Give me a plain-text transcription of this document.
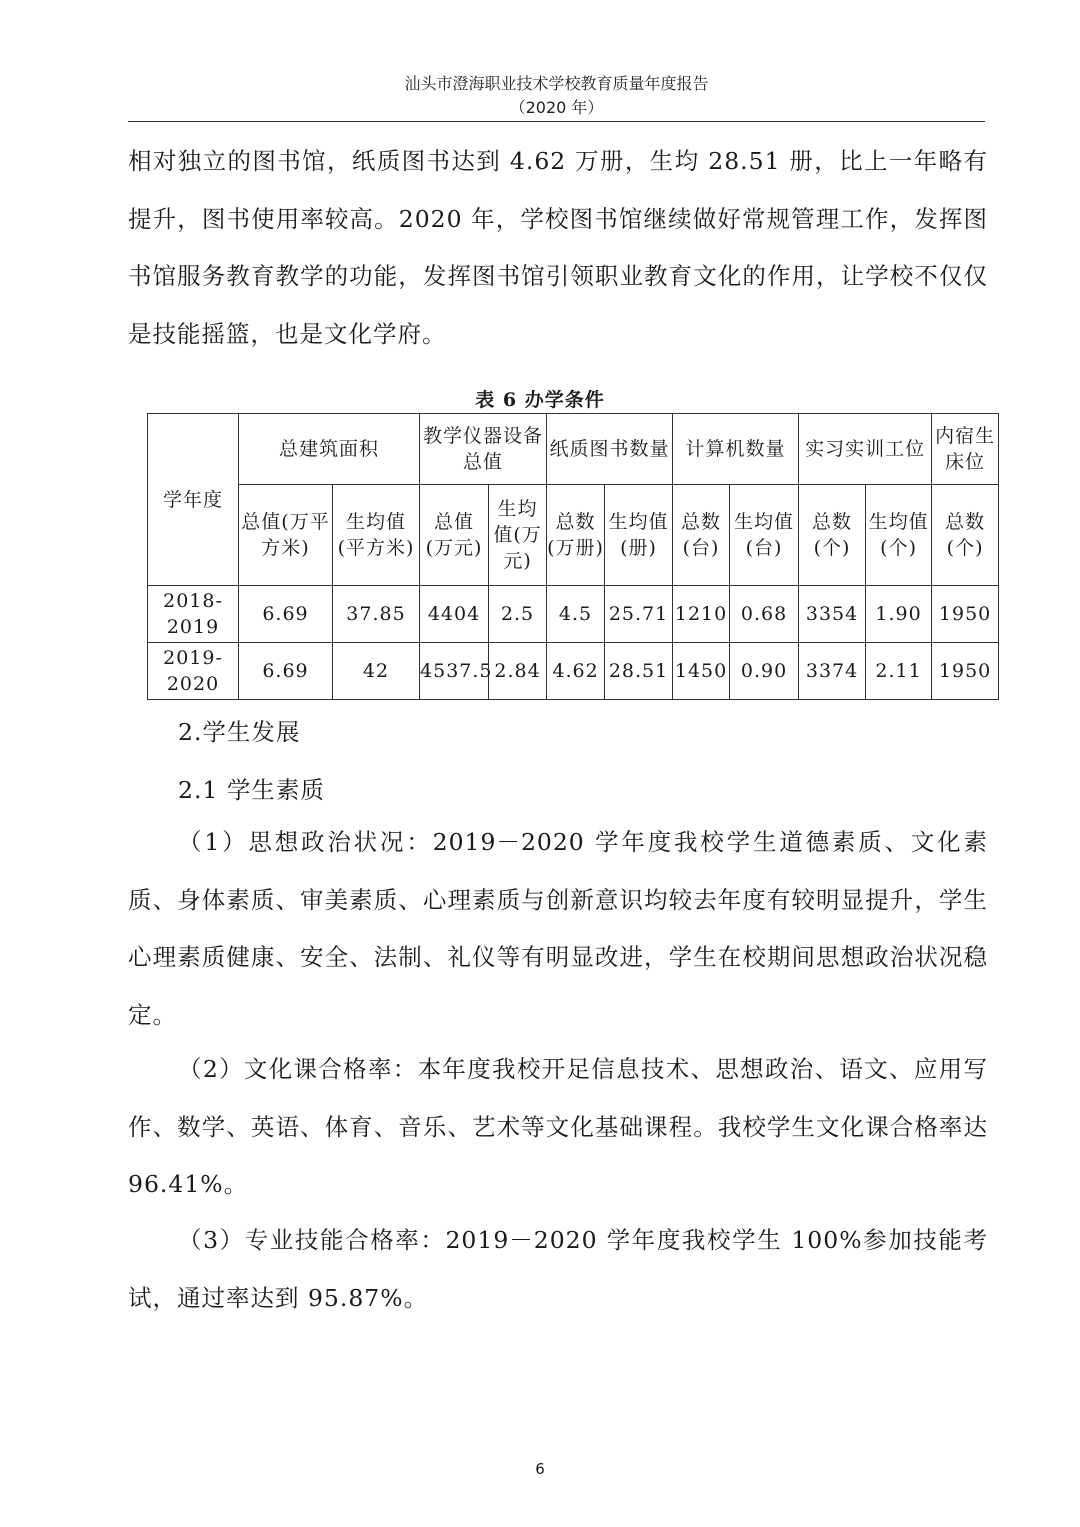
汕头市澄海职业技术学校教育质量年度报告
（2020 年）

相对独立的图书馆，纸质图书达到 4.62 万册，生均 28.51 册，比上一年略有提升，图书使用率较高。2020 年，学校图书馆继续做好常规管理工作，发挥图书馆服务教育教学的功能，发挥图书馆引领职业教育文化的作用，让学校不仅仅是技能摇篮，也是文化学府。

表 6 办学条件
学年度	总建筑面积		教学仪器设备总值		纸质图书数量		计算机数量		实习实训工位		内宿生床位
	总值(万平方米)	生均值(平方米)	总值(万元)	生均值(万元)	总数(万册)	生均值(册)	总数(台)	生均值(台)	总数(个)	生均值(个)	总数(个)
2018-2019	6.69	37.85	4404	2.5	4.5	25.71	1210	0.68	3354	1.90	1950
2019-2020	6.69	42	4537.5	2.84	4.62	28.51	1450	0.90	3374	2.11	1950
2.学生发展
2.1 学生素质

（1）思想政治状况：2019－2020 学年度我校学生道德素质、文化素质、身体素质、审美素质、心理素质与创新意识均较去年度有较明显提升，学生心理素质健康、安全、法制、礼仪等有明显改进，学生在校期间思想政治状况稳定。

（2）文化课合格率：本年度我校开足信息技术、思想政治、语文、应用写作、数学、英语、体育、音乐、艺术等文化基础课程。我校学生文化课合格率达 96.41%。

（3）专业技能合格率：2019－2020 学年度我校学生 100%参加技能考试，通过率达到 95.87%。

6
